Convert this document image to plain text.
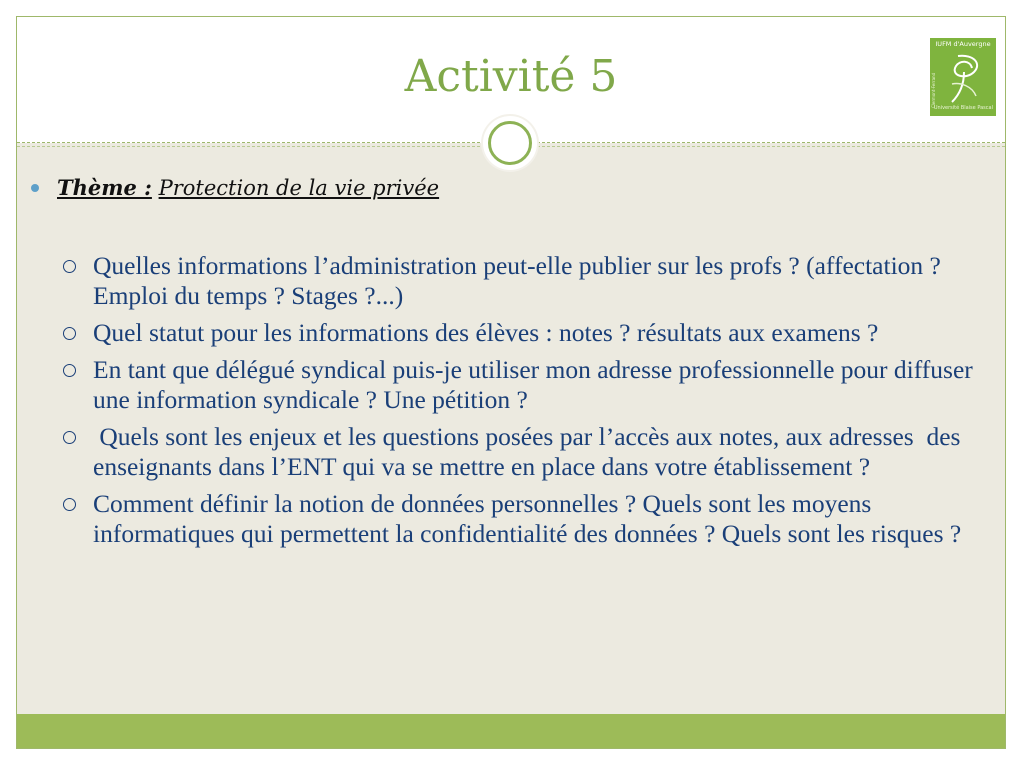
Activité 5
IUFM d'Auvergne
Clermont-Ferrand
Université Blaise Pascal
Thème : Protection de la vie privée
Quelles informations l’administration peut-elle publier sur les profs ? (affectation ? Emploi du temps ? Stages ?...)
Quel statut pour les informations des élèves : notes ? résultats aux examens ?
En tant que délégué syndical puis-je utiliser mon adresse professionnelle pour diffuser une information syndicale ? Une pétition ?
Quels sont les enjeux et les questions posées par l’accès aux notes, aux adresses  des enseignants dans l’ENT qui va se mettre en place dans votre établissement ?
Comment définir la notion de données personnelles ? Quels sont les moyens informatiques qui permettent la confidentialité des données ? Quels sont les risques ?
